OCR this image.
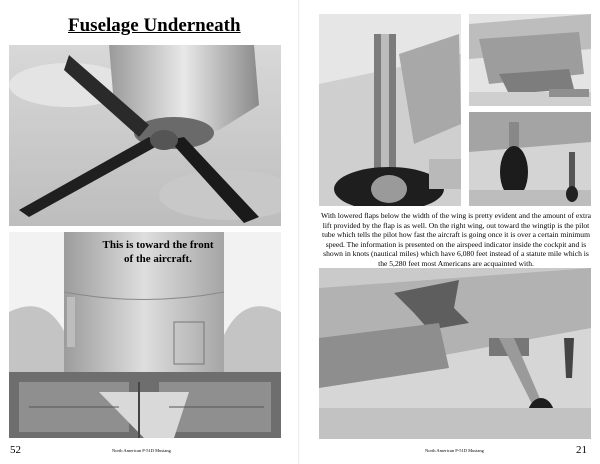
Fuselage Underneath
This is toward the front of the aircraft.
52	North American P-51D Mustang
With lowered flaps below the width of the wing is pretty evident and the amount of extra lift provided by the flap is as well. On the right wing, out toward the wingtip is the pilot tube which tells the pilot how fast the aircraft is going once it is over a certain minimum speed. The information is presented on the airspeed indicator inside the cockpit and is shown in knots (nautical miles) which have 6,080 feet instead of a statute mile which is the 5,280 feet most Americans are acquainted with.
North American P-51D Mustang	21
